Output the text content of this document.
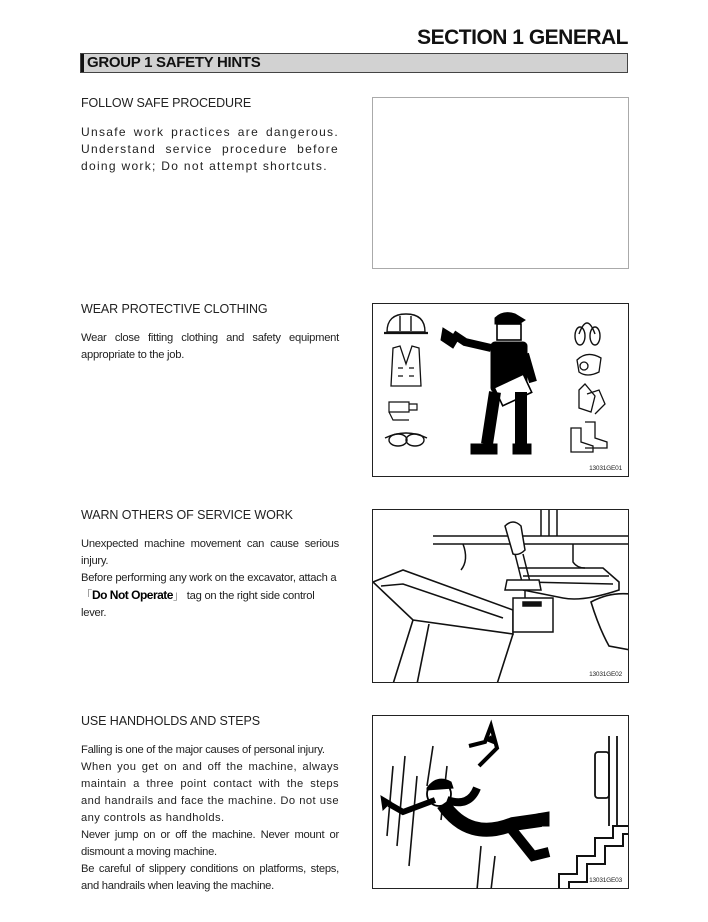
SECTION 1 GENERAL
GROUP 1 SAFETY HINTS
FOLLOW SAFE PROCEDURE

Unsafe work practices are dangerous. Understand service procedure before doing work; Do not attempt shortcuts.

WEAR PROTECTIVE CLOTHING

Wear close fitting clothing and safety equipment appropriate to the job.

13031GE01
WARN OTHERS OF SERVICE WORK

Unexpected machine movement can cause serious injury.

Before performing any work on the excavator, attach a 「Do Not Operate」 tag on the right side control lever.

13031GE02
USE HANDHOLDS AND STEPS

Falling is one of the major causes of personal injury.

When you get on and off the machine, always maintain a three point contact with the steps and handrails and face the machine. Do not use any controls as handholds.

Never jump on or off the machine. Never mount or dismount a moving machine.

Be careful of slippery conditions on platforms, steps, and handrails when leaving the machine.	13031GE03
